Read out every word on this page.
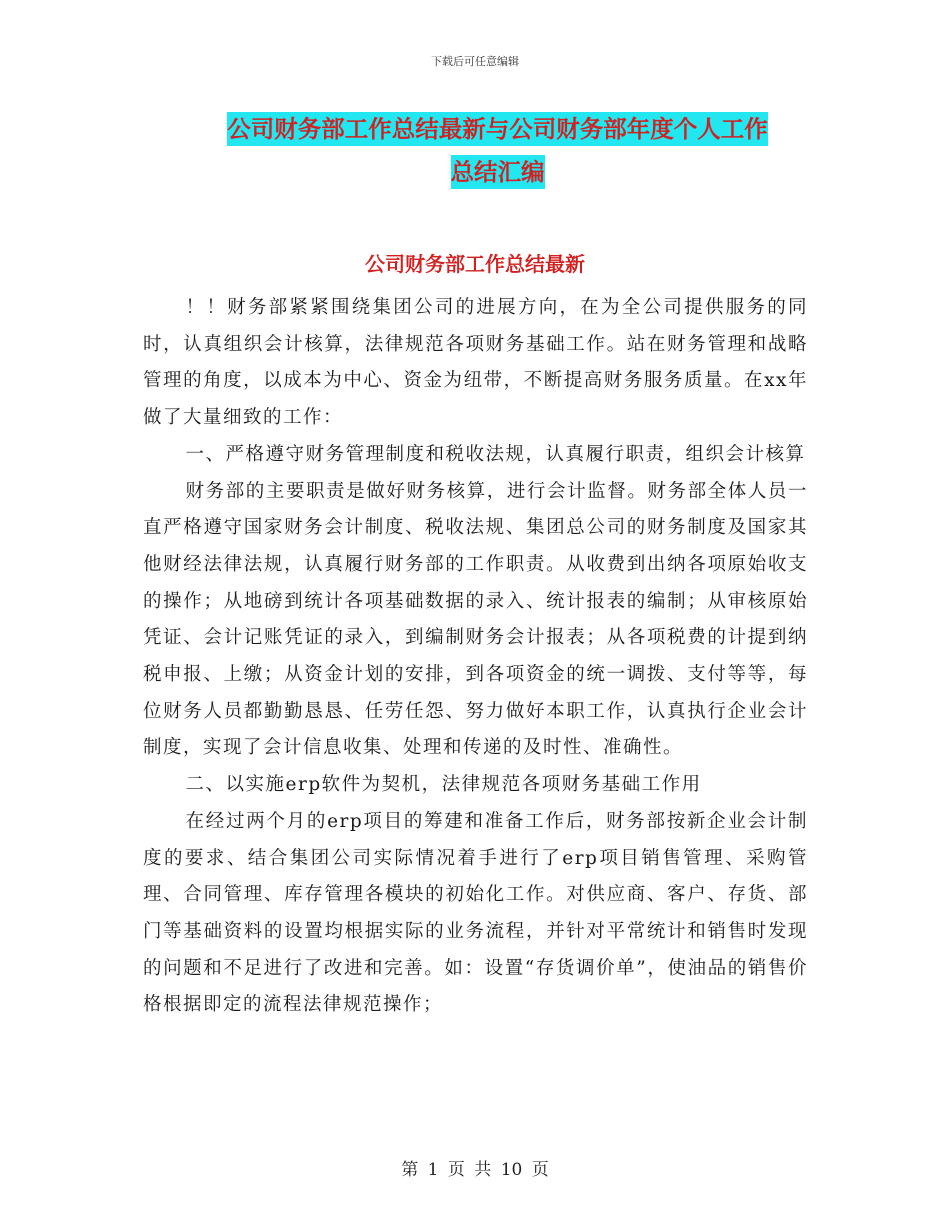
下载后可任意编辑
公司财务部工作总结最新与公司财务部年度个人工作
总结汇编
公司财务部工作总结最新

！！财务部紧紧围绕集团公司的进展方向，在为全公司提供服务的同时，认真组织会计核算，法律规范各项财务基础工作。站在财务管理和战略管理的角度，以成本为中心、资金为纽带，不断提高财务服务质量。在xx年做了大量细致的工作：

一、严格遵守财务管理制度和税收法规，认真履行职责，组织会计核算

财务部的主要职责是做好财务核算，进行会计监督。财务部全体人员一直严格遵守国家财务会计制度、税收法规、集团总公司的财务制度及国家其他财经法律法规，认真履行财务部的工作职责。从收费到出纳各项原始收支的操作；从地磅到统计各项基础数据的录入、统计报表的编制；从审核原始凭证、会计记账凭证的录入，到编制财务会计报表；从各项税费的计提到纳税申报、上缴；从资金计划的安排，到各项资金的统一调拨、支付等等，每位财务人员都勤勤恳恳、任劳任怨、努力做好本职工作，认真执行企业会计制度，实现了会计信息收集、处理和传递的及时性、准确性。

二、以实施erp软件为契机，法律规范各项财务基础工作用

在经过两个月的erp项目的筹建和准备工作后，财务部按新企业会计制度的要求、结合集团公司实际情况着手进行了erp项目销售管理、采购管理、合同管理、库存管理各模块的初始化工作。对供应商、客户、存货、部门等基础资料的设置均根据实际的业务流程，并针对平常统计和销售时发现的问题和不足进行了改进和完善。如：设置“存货调价单”，使油品的销售价格根据即定的流程法律规范操作；

第 1 页 共 10 页
